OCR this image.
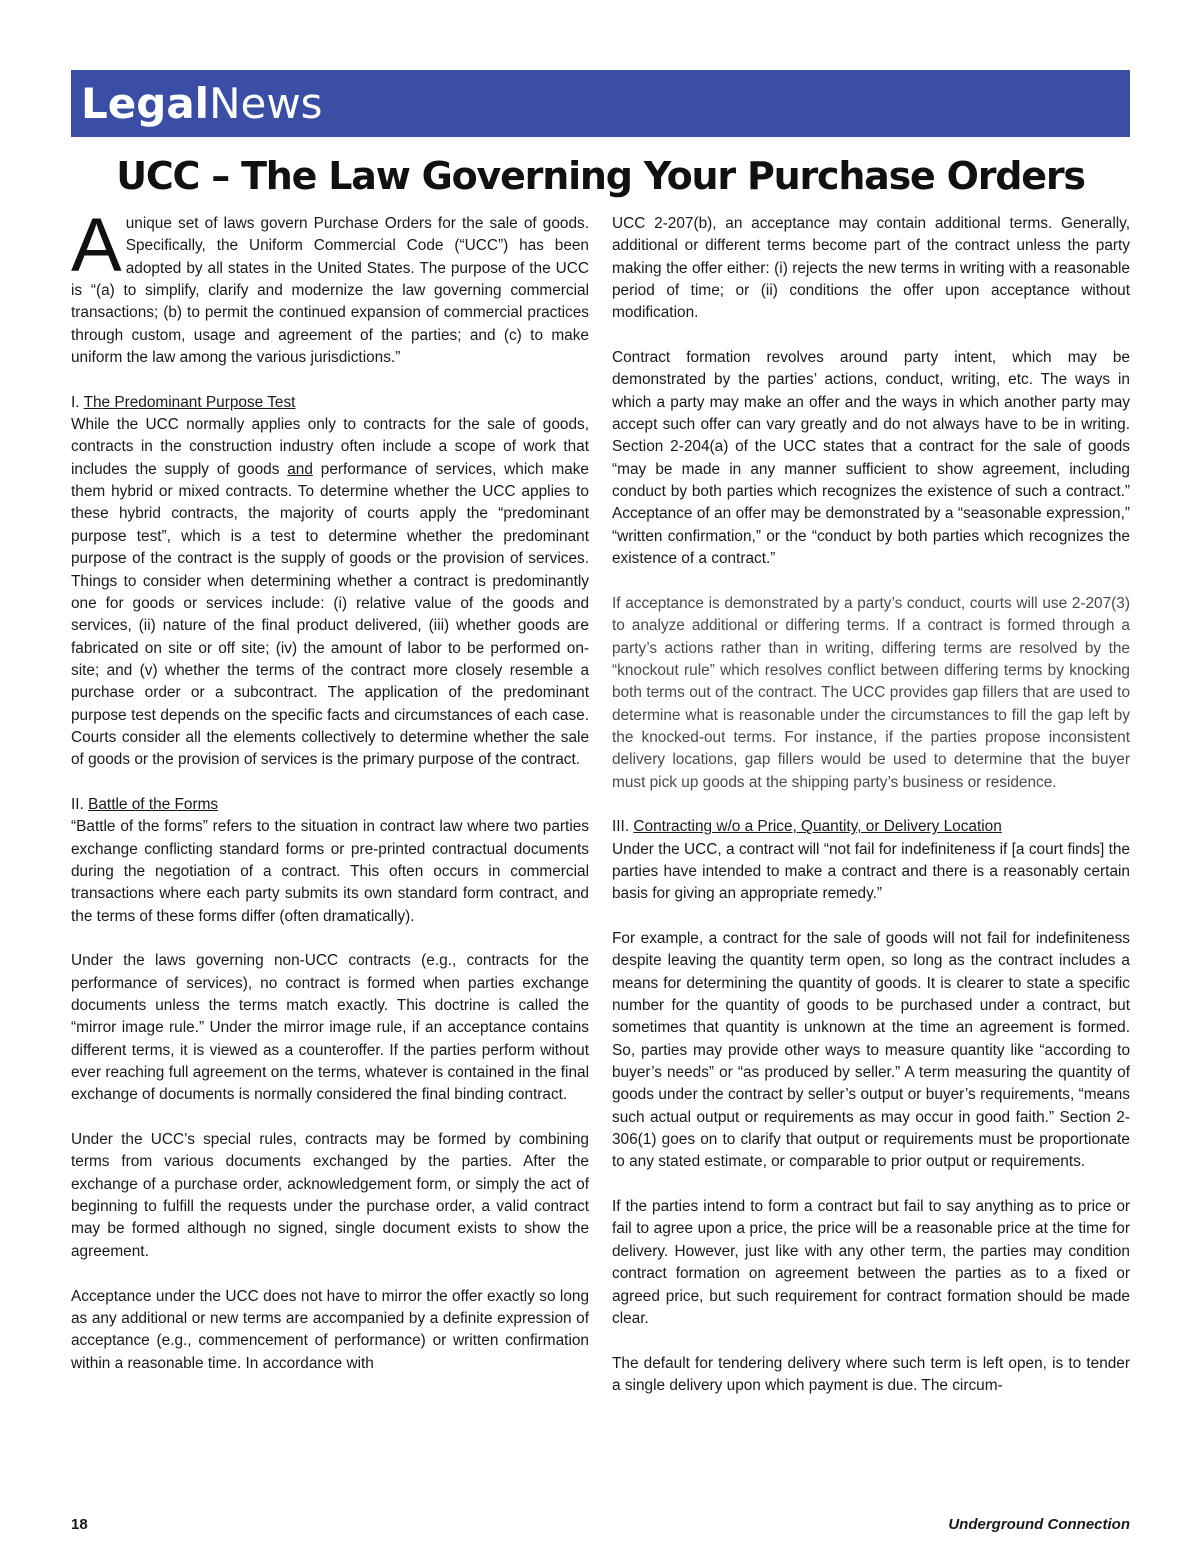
LegalNews
UCC – The Law Governing Your Purchase Orders

Aunique set of laws govern Purchase Orders for the sale of goods. Specifically, the Uniform Commercial Code (“UCC”) has been adopted by all states in the United States. The purpose of the UCC is “(a) to simplify, clarify and modernize the law governing commercial transactions; (b) to permit the continued expansion of commercial practices through custom, usage and agreement of the parties; and (c) to make uniform the law among the various jurisdictions.”

I. The Predominant Purpose Test

While the UCC normally applies only to contracts for the sale of goods, contracts in the construction industry often include a scope of work that includes the supply of goods and performance of services, which make them hybrid or mixed contracts. To determine whether the UCC applies to these hybrid contracts, the majority of courts apply the “predominant purpose test”, which is a test to determine whether the predominant purpose of the contract is the supply of goods or the provision of services. Things to consider when determining whether a contract is predominantly one for goods or services include: (i) relative value of the goods and services, (ii) nature of the final product delivered, (iii) whether goods are fabricated on site or off site; (iv) the amount of labor to be performed on-site; and (v) whether the terms of the contract more closely resemble a purchase order or a subcontract. The application of the predominant purpose test depends on the specific facts and circumstances of each case. Courts consider all the elements collectively to determine whether the sale of goods or the provision of services is the primary purpose of the contract.

II. Battle of the Forms

“Battle of the forms” refers to the situation in contract law where two parties exchange conflicting standard forms or pre-printed contractual documents during the negotiation of a contract. This often occurs in commercial transactions where each party submits its own standard form contract, and the terms of these forms differ (often dramatically).

Under the laws governing non-UCC contracts (e.g., contracts for the performance of services), no contract is formed when parties exchange documents unless the terms match exactly. This doctrine is called the “mirror image rule.” Under the mirror image rule, if an acceptance contains different terms, it is viewed as a counteroffer. If the parties perform without ever reaching full agreement on the terms, whatever is contained in the final exchange of documents is normally considered the final binding contract.

Under the UCC’s special rules, contracts may be formed by combining terms from various documents exchanged by the parties. After the exchange of a purchase order, acknowledgement form, or simply the act of beginning to fulfill the requests under the purchase order, a valid contract may be formed although no signed, single document exists to show the agreement.

Acceptance under the UCC does not have to mirror the offer exactly so long as any additional or new terms are accompanied by a definite expression of acceptance (e.g., commencement of performance) or written confirmation within a reasonable time. In accordance with

UCC 2-207(b), an acceptance may contain additional terms. Generally, additional or different terms become part of the contract unless the party making the offer either: (i) rejects the new terms in writing with a reasonable period of time; or (ii) conditions the offer upon acceptance without modification.

Contract formation revolves around party intent, which may be demonstrated by the parties’ actions, conduct, writing, etc. The ways in which a party may make an offer and the ways in which another party may accept such offer can vary greatly and do not always have to be in writing. Section 2-204(a) of the UCC states that a contract for the sale of goods “may be made in any manner sufficient to show agreement, including conduct by both parties which recognizes the existence of such a contract.” Acceptance of an offer may be demonstrated by a “seasonable expression,” “written confirmation,” or the “conduct by both parties which recognizes the existence of a contract.”

If acceptance is demonstrated by a party’s conduct, courts will use 2-207(3) to analyze additional or differing terms. If a contract is formed through a party’s actions rather than in writing, differing terms are resolved by the “knockout rule” which resolves conflict between differing terms by knocking both terms out of the contract. The UCC provides gap fillers that are used to determine what is reasonable under the circumstances to fill the gap left by the knocked-out terms. For instance, if the parties propose inconsistent delivery locations, gap fillers would be used to determine that the buyer must pick up goods at the shipping party’s business or residence.

III. Contracting w/o a Price, Quantity, or Delivery Location

Under the UCC, a contract will “not fail for indefiniteness if [a court finds] the parties have intended to make a contract and there is a reasonably certain basis for giving an appropriate remedy.”

For example, a contract for the sale of goods will not fail for indefiniteness despite leaving the quantity term open, so long as the contract includes a means for determining the quantity of goods. It is clearer to state a specific number for the quantity of goods to be purchased under a contract, but sometimes that quantity is unknown at the time an agreement is formed. So, parties may provide other ways to measure quantity like “according to buyer’s needs” or “as produced by seller.” A term measuring the quantity of goods under the contract by seller’s output or buyer’s requirements, “means such actual output or requirements as may occur in good faith.” Section 2-306(1) goes on to clarify that output or requirements must be proportionate to any stated estimate, or comparable to prior output or requirements.

If the parties intend to form a contract but fail to say anything as to price or fail to agree upon a price, the price will be a reasonable price at the time for delivery. However, just like with any other term, the parties may condition contract formation on agreement between the parties as to a fixed or agreed price, but such requirement for contract formation should be made clear.

The default for tendering delivery where such term is left open, is to tender a single delivery upon which payment is due. The circum-

18	Underground Connection
